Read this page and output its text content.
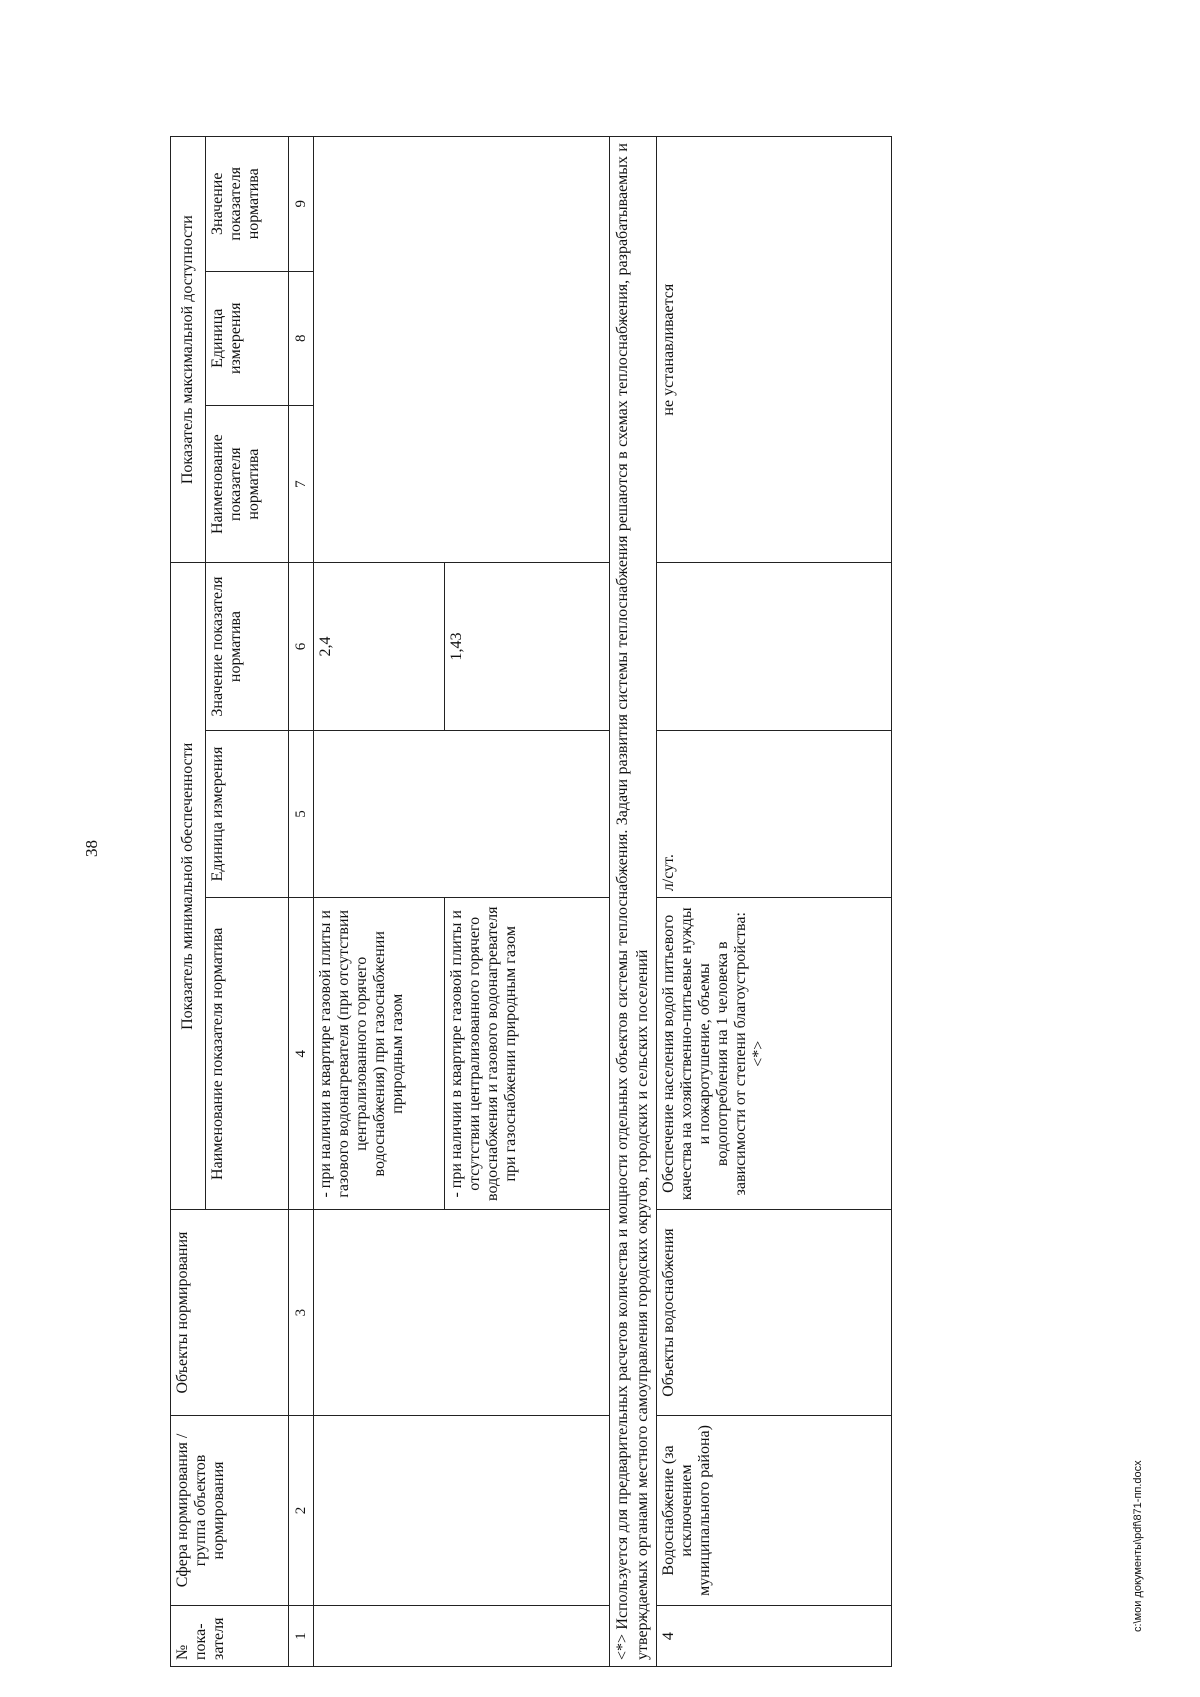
38
№ пока-зателя	Сфера нормирования / группа объектов нормирования	Объекты нормирования	Показатель минимальной обеспеченности			Показатель максимальной доступности		
			Наименование показателя норматива	Единица измерения	Значение показателя норматива	Наименование показателя норматива	Единица измерения	Значение показателя норматива
1	2	3	4	5	6	7	8	9
			- при наличии в квартире газовой плиты и газового водонагревателя (при отсутствии централизованного горячего водоснабжения) при газоснабжении природным газом		2,4			
			- при наличии в квартире газовой плиты и отсутствии централизованного горячего водоснабжения и газового водонагревателя при газоснабжении природным газом		1,43			
<*> Используется для предварительных расчетов количества и мощности отдельных объектов системы теплоснабжения. Задачи развития системы теплоснабжения решаются в схемах теплоснабжения, разрабатываемых и утверждаемых органами местного самоуправления городских округов, городских и сельских поселений								
4	Водоснабжение (за исключением муниципального района)	Объекты водоснабжения	Обеспечение населения водой питьевого качества на хозяйственно-питьевые нужды и пожаротушение, объемы водопотребления на 1 человека в зависимости от степени благоустройства: <*>	л/сут.		не устанавливается		
c:\мои документы\pdf\871-пп.docx
